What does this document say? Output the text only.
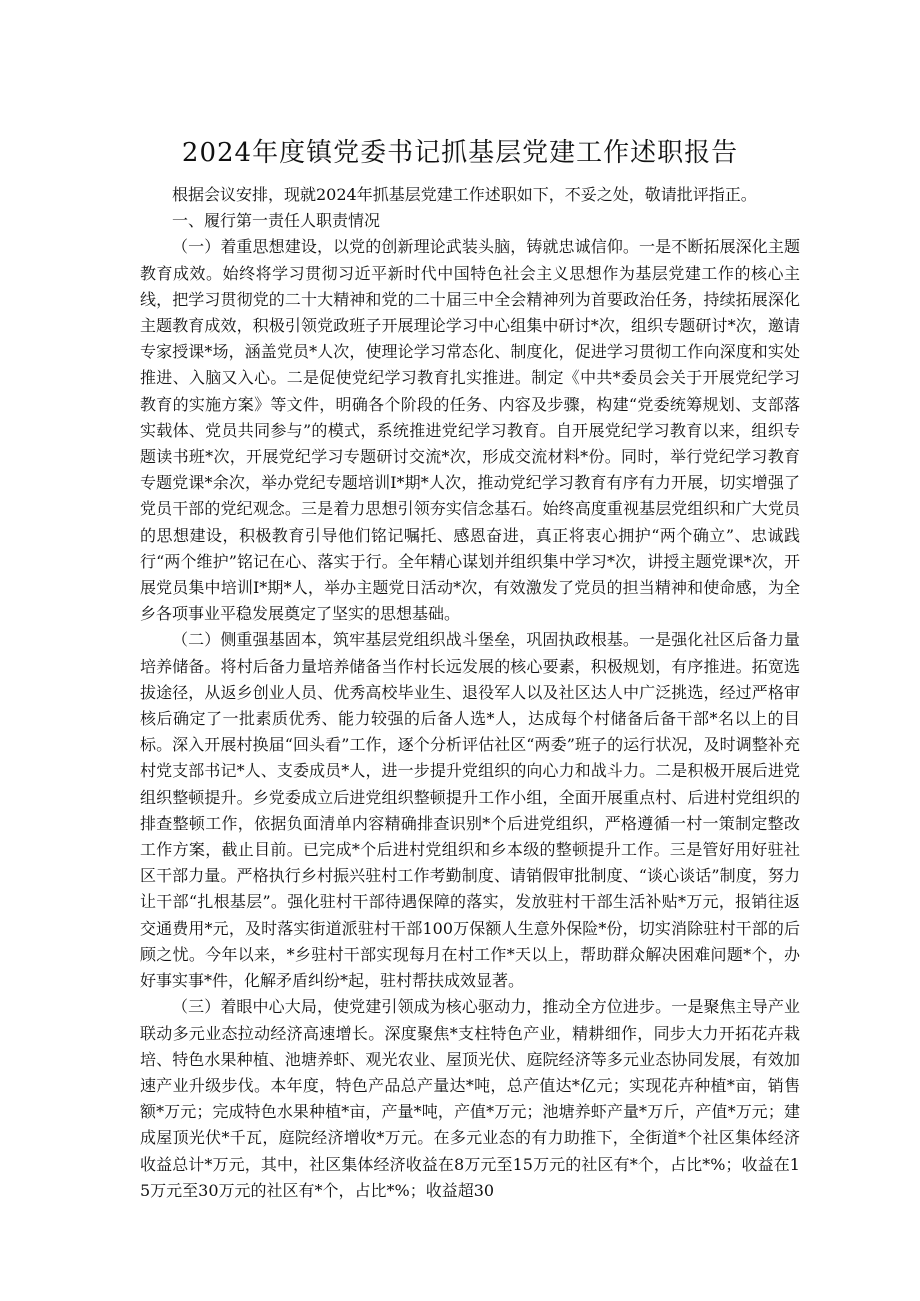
2024年度镇党委书记抓基层党建工作述职报告

根据会议安排，现就2024年抓基层党建工作述职如下，不妥之处，敬请批评指正。

一、履行第一责任人职责情况

（一）着重思想建设，以党的创新理论武装头脑，铸就忠诚信仰。一是不断拓展深化主题教育成效。始终将学习贯彻习近平新时代中国特色社会主义思想作为基层党建工作的核心主线，把学习贯彻党的二十大精神和党的二十届三中全会精神列为首要政治任务，持续拓展深化主题教育成效，积极引领党政班子开展理论学习中心组集中研讨*次，组织专题研讨*次，邀请专家授课*场，涵盖党员*人次，使理论学习常态化、制度化，促进学习贯彻工作向深度和实处推进、入脑又入心。二是促使党纪学习教育扎实推进。制定《中共*委员会关于开展党纪学习教育的实施方案》等文件，明确各个阶段的任务、内容及步骤，构建“党委统筹规划、支部落实载体、党员共同参与”的模式，系统推进党纪学习教育。自开展党纪学习教育以来，组织专题读书班*次，开展党纪学习专题研讨交流*次，形成交流材料*份。同时，举行党纪学习教育专题党课*余次，举办党纪专题培训I*期*人次，推动党纪学习教育有序有力开展，切实增强了党员干部的党纪观念。三是着力思想引领夯实信念基石。始终高度重视基层党组织和广大党员的思想建设，积极教育引导他们铭记嘱托、感恩奋进，真正将衷心拥护“两个确立”、忠诚践行“两个维护”铭记在心、落实于行。全年精心谋划并组织集中学习*次，讲授主题党课*次，开展党员集中培训I*期*人，举办主题党日活动*次，有效激发了党员的担当精神和使命感，为全乡各项事业平稳发展奠定了坚实的思想基础。

（二）侧重强基固本，筑牢基层党组织战斗堡垒，巩固执政根基。一是强化社区后备力量培养储备。将村后备力量培养储备当作村长远发展的核心要素，积极规划，有序推进。拓宽选拔途径，从返乡创业人员、优秀高校毕业生、退役军人以及社区达人中广泛挑选，经过严格审核后确定了一批素质优秀、能力较强的后备人选*人，达成每个村储备后备干部*名以上的目标。深入开展村换届“回头看”工作，逐个分析评估社区“两委”班子的运行状况，及时调整补充村党支部书记*人、支委成员*人，进一步提升党组织的向心力和战斗力。二是积极开展后进党组织整顿提升。乡党委成立后进党组织整顿提升工作小组，全面开展重点村、后进村党组织的排查整顿工作，依据负面清单内容精确排查识别*个后进党组织，严格遵循一村一策制定整改工作方案，截止目前。已完成*个后进村党组织和乡本级的整顿提升工作。三是管好用好驻社区干部力量。严格执行乡村振兴驻村工作考勤制度、请销假审批制度、“谈心谈话”制度，努力让干部“扎根基层”。强化驻村干部待遇保障的落实，发放驻村干部生活补贴*万元，报销往返交通费用*元，及时落实街道派驻村干部100万保额人生意外保险*份，切实消除驻村干部的后顾之忧。今年以来，*乡驻村干部实现每月在村工作*天以上，帮助群众解决困难问题*个，办好事实事*件，化解矛盾纠纷*起，驻村帮扶成效显著。

（三）着眼中心大局，使党建引领成为核心驱动力，推动全方位进步。一是聚焦主导产业联动多元业态拉动经济高速增长。深度聚焦*支柱特色产业，精耕细作，同步大力开拓花卉栽培、特色水果种植、池塘养虾、观光农业、屋顶光伏、庭院经济等多元业态协同发展，有效加速产业升级步伐。本年度，特色产品总产量达*吨，总产值达*亿元；实现花卉种植*亩，销售额*万元；完成特色水果种植*亩，产量*吨，产值*万元；池塘养虾产量*万斤，产值*万元；建成屋顶光伏*千瓦，庭院经济增收*万元。在多元业态的有力助推下，全街道*个社区集体经济收益总计*万元，其中，社区集体经济收益在8万元至15万元的社区有*个，占比*%；收益在15万元至30万元的社区有*个，占比*%；收益超30
